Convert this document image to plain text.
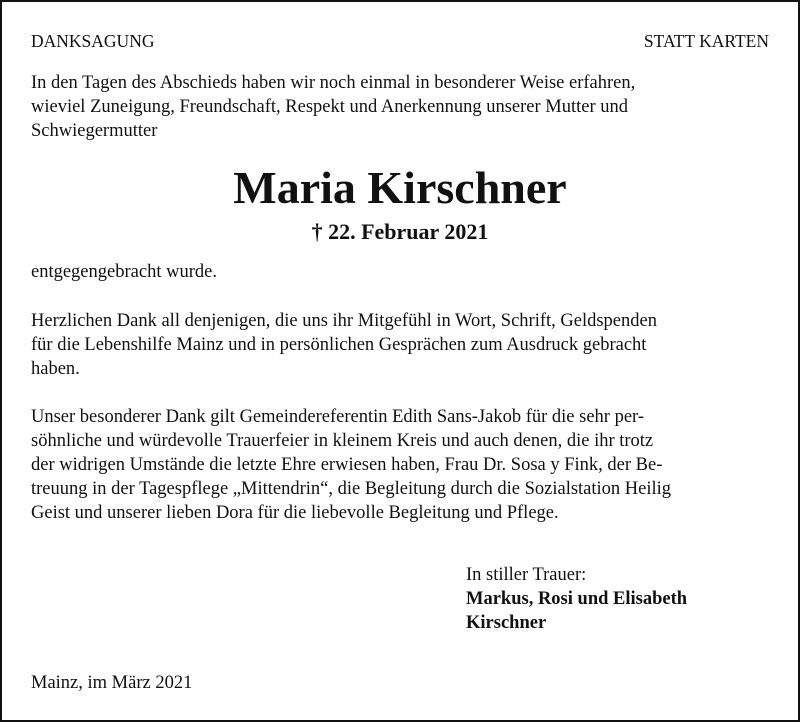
DANKSAGUNG	STATT KARTEN
In den Tagen des Abschieds haben wir noch einmal in besonderer Weise erfahren,
wieviel Zuneigung, Freundschaft, Respekt und Anerkennung unserer Mutter und
Schwiegermutter
Maria Kirschner
† 22. Februar 2021
entgegengebracht wurde.
Herzlichen Dank all denjenigen, die uns ihr Mitgefühl in Wort, Schrift, Geldspenden
für die Lebenshilfe Mainz und in persönlichen Gesprächen zum Ausdruck gebracht
haben.
Unser besonderer Dank gilt Gemeindereferentin Edith Sans-Jakob für die sehr per-
söhnliche und würdevolle Trauerfeier in kleinem Kreis und auch denen, die ihr trotz
der widrigen Umstände die letzte Ehre erwiesen haben, Frau Dr. Sosa y Fink, der Be-
treuung in der Tagespflege „Mittendrin“, die Begleitung durch die Sozialstation Heilig
Geist und unserer lieben Dora für die liebevolle Begleitung und Pflege.
In stiller Trauer:
Markus, Rosi und Elisabeth
Kirschner
Mainz, im März 2021
